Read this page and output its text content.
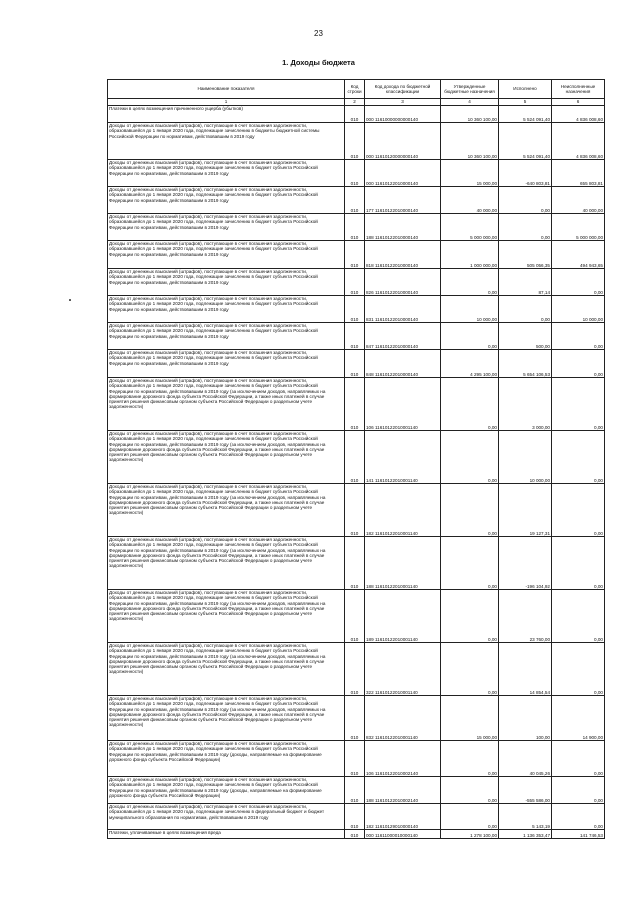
23
1. Доходы бюджета
Наименование показателя	Код строки	Код дохода по бюджетной классификации	Утвержденные бюджетные назначения	Исполнено	Неисполненные назначения
1	2	3	4	5	6
Платежи в целях возмещения причиненного ущерба (убытков)	010	000 11610000000000140	10 360 100,00	5 524 091,40	4 836 008,60
Доходы от денежных взысканий (штрафов), поступающие в счет погашения задолженности, образовавшейся до 1 января 2020 года, подлежащие зачислению в бюджеты бюджетной системы Российской Федерации по нормативам, действовавшим в 2019 году	010	000 11610120000000140	10 360 100,00	5 524 091,40	4 836 008,60
Доходы от денежных взысканий (штрафов), поступающие в счет погашения задолженности, образовавшейся до 1 января 2020 года, подлежащие зачислению в бюджет субъекта Российской Федерации по нормативам, действовавшим в 2019 году	010	000 11610122010000140	15 000,00	-640 803,81	655 803,81
Доходы от денежных взысканий (штрафов), поступающие в счет погашения задолженности, образовавшейся до 1 января 2020 года, подлежащие зачислению в бюджет субъекта Российской Федерации по нормативам, действовавшим в 2019 году	010	177 11610122010000140	40 000,00	0,00	40 000,00
Доходы от денежных взысканий (штрафов), поступающие в счет погашения задолженности, образовавшейся до 1 января 2020 года, подлежащие зачислению в бюджет субъекта Российской Федерации по нормативам, действовавшим в 2019 году	010	188 11610122010000140	5 000 000,00	0,00	5 000 000,00
Доходы от денежных взысканий (штрафов), поступающие в счет погашения задолженности, образовавшейся до 1 января 2020 года, подлежащие зачислению в бюджет субъекта Российской Федерации по нормативам, действовавшим в 2019 году	010	818 11610122010000140	1 000 000,00	505 056,35	494 943,65
Доходы от денежных взысканий (штрафов), поступающие в счет погашения задолженности, образовавшейся до 1 января 2020 года, подлежащие зачислению в бюджет субъекта Российской Федерации по нормативам, действовавшим в 2019 году	010	826 11610122010000140	0,00	87,14	0,00
Доходы от денежных взысканий (штрафов), поступающие в счет погашения задолженности, образовавшейся до 1 января 2020 года, подлежащие зачислению в бюджет субъекта Российской Федерации по нормативам, действовавшим в 2019 году	010	831 11610122010000140	10 000,00	0,00	10 000,00
Доходы от денежных взысканий (штрафов), поступающие в счет погашения задолженности, образовавшейся до 1 января 2020 года, подлежащие зачислению в бюджет субъекта Российской Федерации по нормативам, действовавшим в 2019 году	010	847 11610122010000140	0,00	500,00	0,00
Доходы от денежных взысканий (штрафов), поступающие в счет погашения задолженности, образовавшейся до 1 января 2020 года, подлежащие зачислению в бюджет субъекта Российской Федерации по нормативам, действовавшим в 2019 году	010	848 11610122010000140	4 295 100,00	5 654 106,53	0,00
Доходы от денежных взысканий (штрафов), поступающие в счет погашения задолженности, образовавшейся до 1 января 2020 года, подлежащие зачислению в бюджет субъекта Российской Федерации по нормативам, действовавшим в 2019 году (за исключением доходов, направляемых на формирование дорожного фонда субъекта Российской Федерации, а также иных платежей в случае принятия решения финансовым органом субъекта Российской Федерации о раздельном учете задолженности)	010	106 11610122010001140	0,00	3 000,00	0,00
Доходы от денежных взысканий (штрафов), поступающие в счет погашения задолженности, образовавшейся до 1 января 2020 года, подлежащие зачислению в бюджет субъекта Российской Федерации по нормативам, действовавшим в 2019 году (за исключением доходов, направляемых на формирование дорожного фонда субъекта Российской Федерации, а также иных платежей в случае принятия решения финансовым органом субъекта Российской Федерации о раздельном учете задолженности)	010	141 11610122010001140	0,00	10 000,00	0,00
Доходы от денежных взысканий (штрафов), поступающие в счет погашения задолженности, образовавшейся до 1 января 2020 года, подлежащие зачислению в бюджет субъекта Российской Федерации по нормативам, действовавшим в 2019 году (за исключением доходов, направляемых на формирование дорожного фонда субъекта Российской Федерации, а также иных платежей в случае принятия решения финансовым органом субъекта Российской Федерации о раздельном учете задолженности)	010	182 11610122010001140	0,00	19 127,31	0,00
Доходы от денежных взысканий (штрафов), поступающие в счет погашения задолженности, образовавшейся до 1 января 2020 года, подлежащие зачислению в бюджет субъекта Российской Федерации по нормативам, действовавшим в 2019 году (за исключением доходов, направляемых на формирование дорожного фонда субъекта Российской Федерации, а также иных платежей в случае принятия решения финансовым органом субъекта Российской Федерации о раздельном учете задолженности)	010	188 11610122010001140	0,00	-196 104,92	0,00
Доходы от денежных взысканий (штрафов), поступающие в счет погашения задолженности, образовавшейся до 1 января 2020 года, подлежащие зачислению в бюджет субъекта Российской Федерации по нормативам, действовавшим в 2019 году (за исключением доходов, направляемых на формирование дорожного фонда субъекта Российской Федерации, а также иных платежей в случае принятия решения финансовым органом субъекта Российской Федерации о раздельном учете задолженности)	010	189 11610122010001140	0,00	23 760,00	0,00
Доходы от денежных взысканий (штрафов), поступающие в счет погашения задолженности, образовавшейся до 1 января 2020 года, подлежащие зачислению в бюджет субъекта Российской Федерации по нормативам, действовавшим в 2019 году (за исключением доходов, направляемых на формирование дорожного фонда субъекта Российской Федерации, а также иных платежей в случае принятия решения финансовым органом субъекта Российской Федерации о раздельном учете задолженности)	010	322 11610122010001140	0,00	14 854,54	0,00
Доходы от денежных взысканий (штрафов), поступающие в счет погашения задолженности, образовавшейся до 1 января 2020 года, подлежащие зачислению в бюджет субъекта Российской Федерации по нормативам, действовавшим в 2019 году (за исключением доходов, направляемых на формирование дорожного фонда субъекта Российской Федерации, а также иных платежей в случае принятия решения финансовым органом субъекта Российской Федерации о раздельном учете задолженности)	010	832 11610122010001140	15 000,00	100,00	14 900,00
Доходы от денежных взысканий (штрафов), поступающие в счет погашения задолженности, образовавшейся до 1 января 2020 года, подлежащие зачислению в бюджет субъекта Российской Федерации по нормативам, действовавшим в 2019 году (доходы, направляемые на формирование дорожного фонда субъекта Российской Федерации)	010	106 11610122010002140	0,00	40 045,26	0,00
Доходы от денежных взысканий (штрафов), поступающие в счет погашения задолженности, образовавшейся до 1 января 2020 года, подлежащие зачислению в бюджет субъекта Российской Федерации по нормативам, действовавшим в 2019 году (доходы, направляемые на формирование дорожного фонда субъекта Российской Федерации)	010	188 11610122010002140	0,00	-555 586,00	0,00
Доходы от денежных взысканий (штрафов), поступающие в счет погашения задолженности, образовавшейся до 1 января 2020 года, подлежащие зачислению в федеральный бюджет и бюджет муниципального образования по нормативам, действовавшим в 2019 году	010	182 11610129010000140	0,00	5 143,19	0,00
Платежи, уплачиваемые в целях возмещения вреда	010	000 11611000010000140	1 278 100,00	1 136 353,47	141 746,53
